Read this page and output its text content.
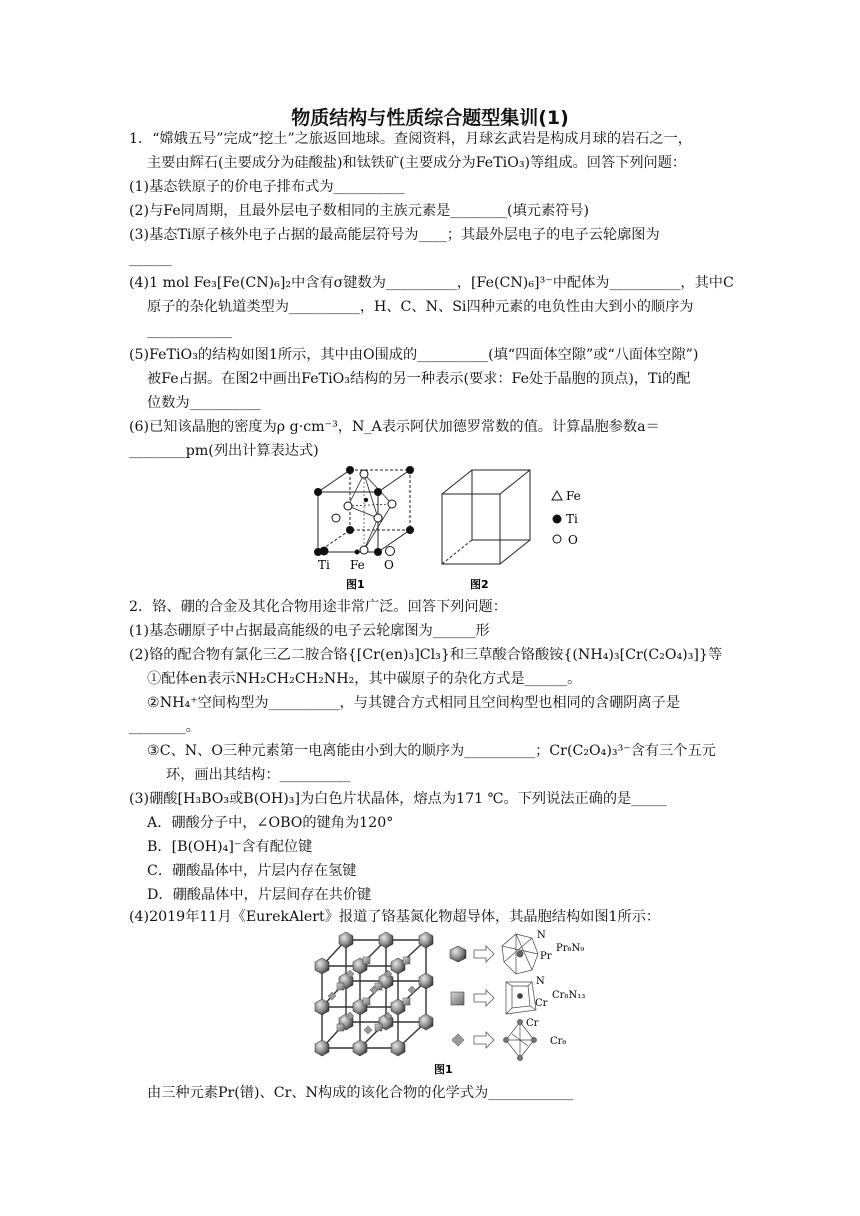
物质结构与性质综合题型集训(1)
1．“嫦娥五号”完成“挖土”之旅返回地球。查阅资料，月球玄武岩是构成月球的岩石之一，
主要由辉石(主要成分为硅酸盐)和钛铁矿(主要成分为FeTiO₃)等组成。回答下列问题：
(1)基态铁原子的价电子排布式为__________
(2)与Fe同周期，且最外层电子数相同的主族元素是________(填元素符号)
(3)基态Ti原子核外电子占据的最高能层符号为____；其最外层电子的电子云轮廓图为
______
(4)1 mol Fe₃[Fe(CN)₆]₂中含有σ键数为__________，[Fe(CN)₆]³⁻中配体为__________，其中C
原子的杂化轨道类型为__________，H、C、N、Si四种元素的电负性由大到小的顺序为
____________
(5)FeTiO₃的结构如图1所示，其中由O围成的__________(填“四面体空隙”或“八面体空隙”)
被Fe占据。在图2中画出FeTiO₃结构的另一种表示(要求：Fe处于晶胞的顶点)，Ti的配
位数为__________
(6)已知该晶胞的密度为ρ g·cm⁻³，N_A表示阿伏加德罗常数的值。计算晶胞参数a＝
________pm(列出计算表达式)
Ti Fe O
图1	图2
Fe
Ti
O
2．铬、硼的合金及其化合物用途非常广泛。回答下列问题：
(1)基态硼原子中占据最高能级的电子云轮廓图为______形
(2)铬的配合物有氯化三乙二胺合铬{[Cr(en)₃]Cl₃}和三草酸合铬酸铵{(NH₄)₃[Cr(C₂O₄)₃]}等
①配体en表示NH₂CH₂CH₂NH₂，其中碳原子的杂化方式是______。
②NH₄⁺空间构型为__________，与其键合方式相同且空间构型也相同的含硼阴离子是
________。
③C、N、O三种元素第一电离能由小到大的顺序为__________；Cr(C₂O₄)₃³⁻含有三个五元
环，画出其结构：__________
(3)硼酸[H₃BO₃或B(OH)₃]为白色片状晶体，熔点为171 ℃。下列说法正确的是_____
A．硼酸分子中，∠OBO的键角为120°
B．[B(OH)₄]⁻含有配位键
C．硼酸晶体中，片层内存在氢键
D．硼酸晶体中，片层间存在共价键
(4)2019年11月《EurekAlert》报道了铬基氮化物超导体，其晶胞结构如图1所示：
N
Pr
Pr₆N₉
N
Cr
Cr₈N₁₃
Cr
Cr₆
图1
由三种元素Pr(镨)、Cr、N构成的该化合物的化学式为____________
